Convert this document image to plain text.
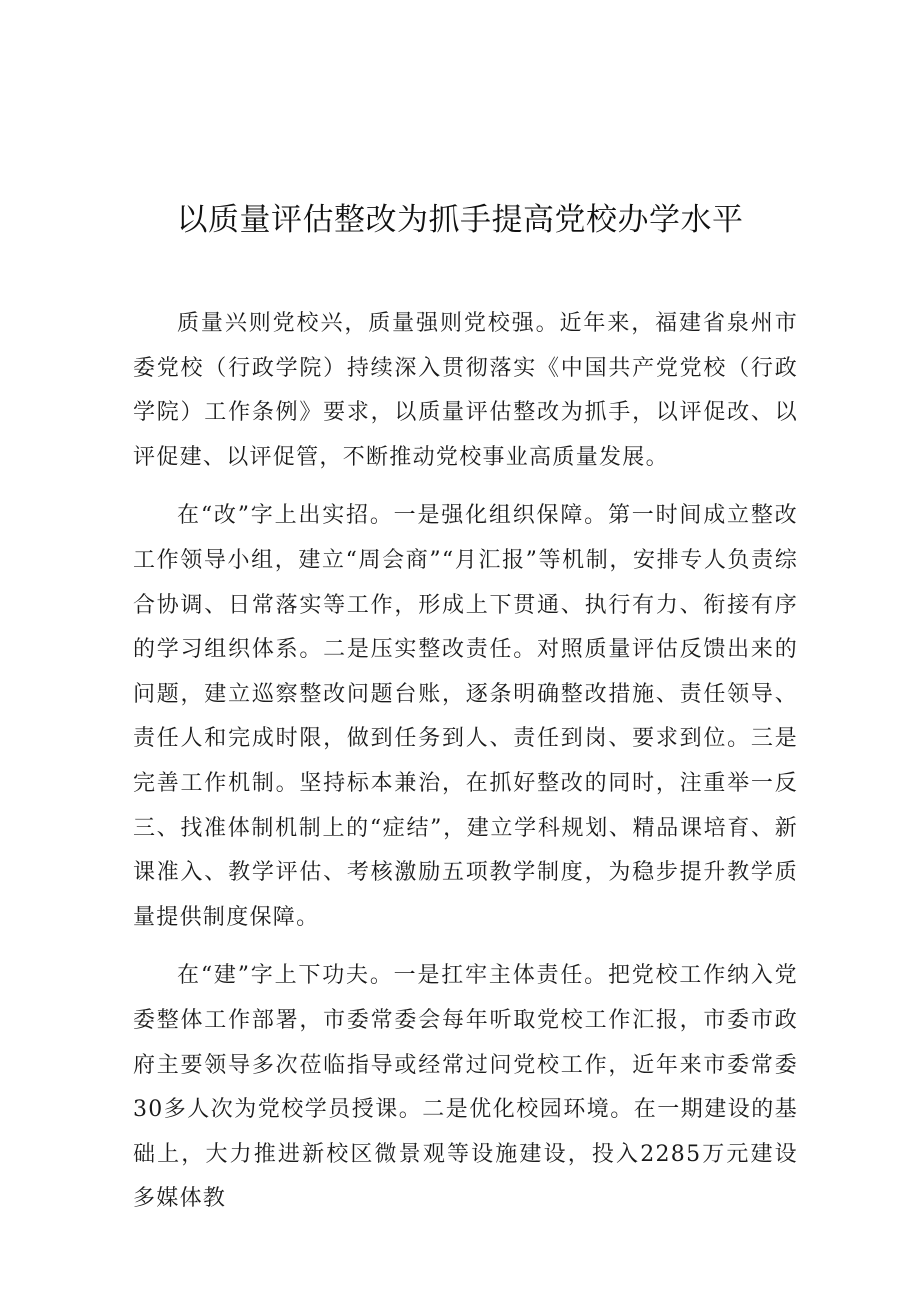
以质量评估整改为抓手提高党校办学水平

质量兴则党校兴，质量强则党校强。近年来，福建省泉州市委党校（行政学院）持续深入贯彻落实《中国共产党党校（行政学院）工作条例》要求，以质量评估整改为抓手，以评促改、以评促建、以评促管，不断推动党校事业高质量发展。

在“改”字上出实招。一是强化组织保障。第一时间成立整改工作领导小组，建立“周会商”“月汇报”等机制，安排专人负责综合协调、日常落实等工作，形成上下贯通、执行有力、衔接有序的学习组织体系。二是压实整改责任。对照质量评估反馈出来的问题，建立巡察整改问题台账，逐条明确整改措施、责任领导、责任人和完成时限，做到任务到人、责任到岗、要求到位。三是完善工作机制。坚持标本兼治，在抓好整改的同时，注重举一反三、找准体制机制上的“症结”，建立学科规划、精品课培育、新课准入、教学评估、考核激励五项教学制度，为稳步提升教学质量提供制度保障。

在“建”字上下功夫。一是扛牢主体责任。把党校工作纳入党委整体工作部署，市委常委会每年听取党校工作汇报，市委市政府主要领导多次莅临指导或经常过问党校工作，近年来市委常委30多人次为党校学员授课。二是优化校园环境。在一期建设的基础上，大力推进新校区微景观等设施建设，投入2285万元建设多媒体教
